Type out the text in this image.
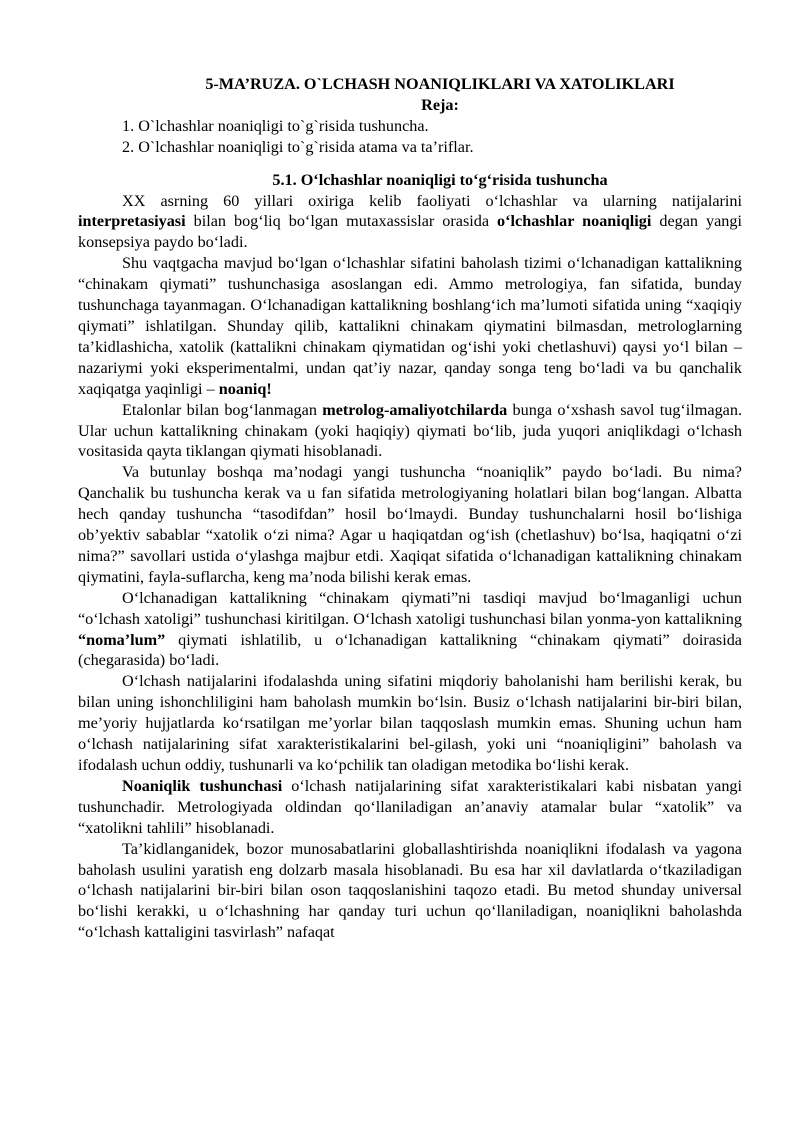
5-MA’RUZA. O`LCHASH NOANIQLIKLARI VA XATOLIKLARI
Reja:
1. O`lchashlar noaniqligi to`g`risida tushuncha.
2. O`lchashlar noaniqligi to`g`risida atama va ta’riflar.
5.1. O‘lchashlar noaniqligi to‘g‘risida tushuncha

XX asrning 60 yillari oxiriga kelib faoliyati o‘lchashlar va ularning natijalarini interpretasiyasi bilan bog‘liq bo‘lgan mutaxassislar orasida o‘lchashlar noaniqligi degan yangi konsepsiya paydo bo‘ladi.

Shu vaqtgacha mavjud bo‘lgan o‘lchashlar sifatini baholash tizimi o‘lchanadigan kattalikning “chinakam qiymati” tushunchasiga asoslangan edi. Ammo metrologiya, fan sifatida, bunday tushunchaga tayanmagan. O‘lchanadigan kattalikning boshlang‘ich ma’lumoti sifatida uning “xaqiqiy qiymati” ishlatilgan. Shunday qilib, kattalikni chinakam qiymatini bilmasdan, metrologlarning ta’kidlashicha, xatolik (kattalikni chinakam qiymatidan og‘ishi yoki chetlashuvi) qaysi yo‘l bilan – nazariymi yoki eksperimentalmi, undan qat’iy nazar, qanday songa teng bo‘ladi va bu qanchalik xaqiqatga yaqinligi – noaniq!

Etalonlar bilan bog‘lanmagan metrolog-amaliyotchilarda bunga o‘xshash savol tug‘ilmagan. Ular uchun kattalikning chinakam (yoki haqiqiy) qiymati bo‘lib, juda yuqori aniqlikdagi o‘lchash vositasida qayta tiklangan qiymati hisoblanadi.

Va butunlay boshqa ma’nodagi yangi tushuncha “noaniqlik” paydo bo‘ladi. Bu nima? Qanchalik bu tushuncha kerak va u fan sifatida metrologiyaning holatlari bilan bog‘langan. Albatta hech qanday tushuncha “tasodifdan” hosil bo‘lmaydi. Bunday tushunchalarni hosil bo‘lishiga ob’yektiv sabablar “xatolik o‘zi nima? Agar u haqiqatdan og‘ish (chetlashuv) bo‘lsa, haqiqatni o‘zi nima?” savollari ustida o‘ylashga majbur etdi. Xaqiqat sifatida o‘lchanadigan kattalikning chinakam qiymatini, fayla-suflarcha, keng ma’noda bilishi kerak emas.

O‘lchanadigan kattalikning “chinakam qiymati”ni tasdiqi mavjud bo‘lmaganligi uchun “o‘lchash xatoligi” tushunchasi kiritilgan. O‘lchash xatoligi tushunchasi bilan yonma-yon kattalikning “noma’lum” qiymati ishlatilib, u o‘lchanadigan kattalikning “chinakam qiymati” doirasida (chegarasida) bo‘ladi.

O‘lchash natijalarini ifodalashda uning sifatini miqdoriy baholanishi ham berilishi kerak, bu bilan uning ishonchliligini ham baholash mumkin bo‘lsin. Busiz o‘lchash natijalarini bir-biri bilan, me’yoriy hujjatlarda ko‘rsatilgan me’yorlar bilan taqqoslash mumkin emas. Shuning uchun ham o‘lchash natijalarining sifat xarakteristikalarini bel-gilash, yoki uni “noaniqligini” baholash va ifodalash uchun oddiy, tushunarli va ko‘pchilik tan oladigan metodika bo‘lishi kerak.

Noaniqlik tushunchasi o‘lchash natijalarining sifat xarakteristikalari kabi nisbatan yangi tushunchadir. Metrologiyada oldindan qo‘llaniladigan an’anaviy atamalar bular “xatolik” va “xatolikni tahlili” hisoblanadi.

Ta’kidlanganidek, bozor munosabatlarini globallashtirishda noaniqlikni ifodalash va yagona baholash usulini yaratish eng dolzarb masala hisoblanadi. Bu esa har xil davlatlarda o‘tkaziladigan o‘lchash natijalarini bir-biri bilan oson taqqoslanishini taqozo etadi. Bu metod shunday universal bo‘lishi kerakki, u o‘lchashning har qanday turi uchun qo‘llaniladigan, noaniqlikni baholashda “o‘lchash kattaligini tasvirlash” nafaqat
